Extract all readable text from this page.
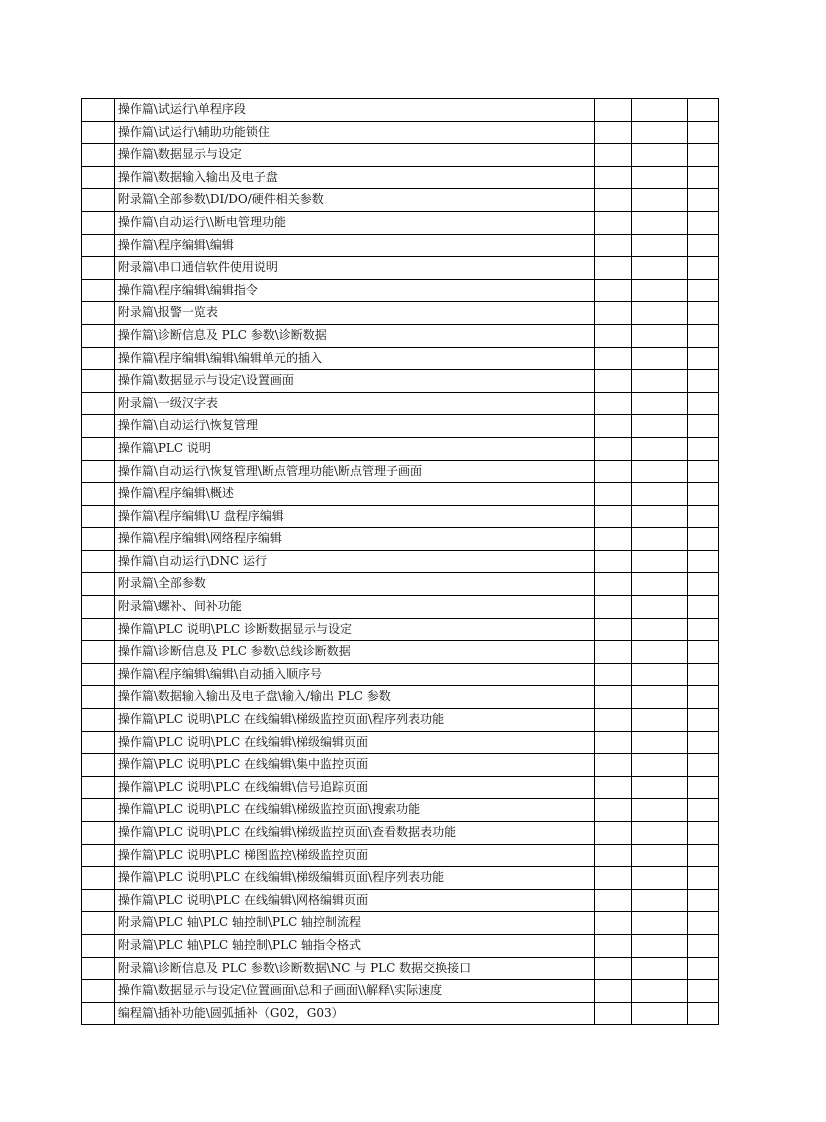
	操作篇\试运行\单程序段			
	操作篇\试运行\辅助功能锁住			
	操作篇\数据显示与设定			
	操作篇\数据输入输出及电子盘			
	附录篇\全部参数\DI/DO/硬件相关参数			
	操作篇\自动运行\\断电管理功能			
	操作篇\程序编辑\编辑			
	附录篇\串口通信软件使用说明			
	操作篇\程序编辑\编辑指令			
	附录篇\报警一览表			
	操作篇\诊断信息及 PLC 参数\诊断数据			
	操作篇\程序编辑\编辑\编辑单元的插入			
	操作篇\数据显示与设定\设置画面			
	附录篇\一级汉字表			
	操作篇\自动运行\恢复管理			
	操作篇\PLC 说明			
	操作篇\自动运行\恢复管理\断点管理功能\断点管理子画面			
	操作篇\程序编辑\概述			
	操作篇\程序编辑\U 盘程序编辑			
	操作篇\程序编辑\网络程序编辑			
	操作篇\自动运行\DNC 运行			
	附录篇\全部参数			
	附录篇\螺补、间补功能			
	操作篇\PLC 说明\PLC 诊断数据显示与设定			
	操作篇\诊断信息及 PLC 参数\总线诊断数据			
	操作篇\程序编辑\编辑\自动插入顺序号			
	操作篇\数据输入输出及电子盘\输入/输出 PLC 参数			
	操作篇\PLC 说明\PLC 在线编辑\梯级监控页面\程序列表功能			
	操作篇\PLC 说明\PLC 在线编辑\梯级编辑页面			
	操作篇\PLC 说明\PLC 在线编辑\集中监控页面			
	操作篇\PLC 说明\PLC 在线编辑\信号追踪页面			
	操作篇\PLC 说明\PLC 在线编辑\梯级监控页面\搜索功能			
	操作篇\PLC 说明\PLC 在线编辑\梯级监控页面\查看数据表功能			
	操作篇\PLC 说明\PLC 梯图监控\梯级监控页面			
	操作篇\PLC 说明\PLC 在线编辑\梯级编辑页面\程序列表功能			
	操作篇\PLC 说明\PLC 在线编辑\网格编辑页面			
	附录篇\PLC 轴\PLC 轴控制\PLC 轴控制流程			
	附录篇\PLC 轴\PLC 轴控制\PLC 轴指令格式			
	附录篇\诊断信息及 PLC 参数\诊断数据\NC 与 PLC 数据交换接口			
	操作篇\数据显示与设定\位置画面\总和子画面\\解释\实际速度			
	编程篇\插补功能\圆弧插补（G02，G03）			
